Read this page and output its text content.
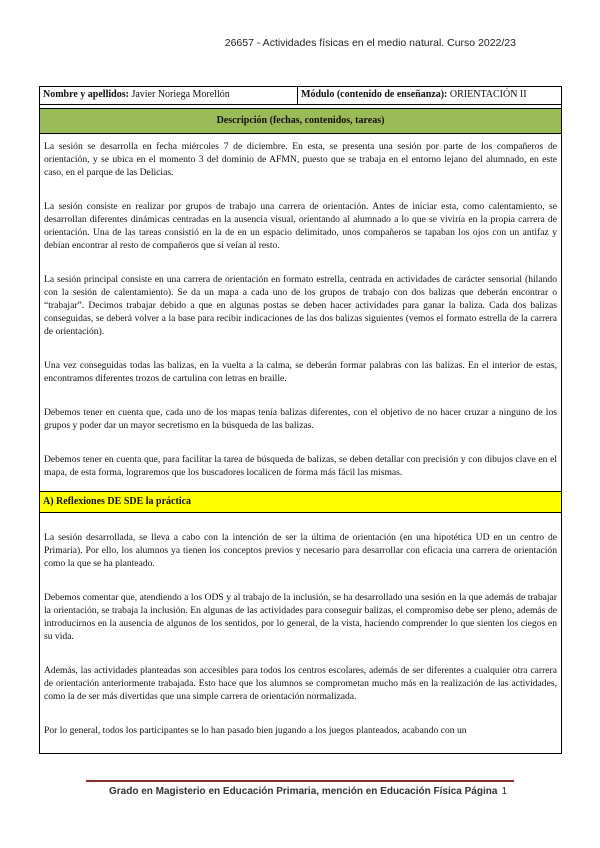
26657 - Actividades físicas en el medio natural. Curso 2022/23
Nombre y apellidos: Javier Noriega Morellón	Módulo (contenido de enseñanza): ORIENTACIÓN II
Descripción (fechas, contenidos, tareas)

La sesión se desarrolla en fecha miércoles 7 de diciembre. En esta, se presenta una sesión por parte de los compañeros de orientación, y se ubica en el momento 3 del dominio de AFMN, puesto que se trabaja en el entorno lejano del alumnado, en este caso, en el parque de las Delicias.

La sesión consiste en realizar por grupos de trabajo una carrera de orientación. Antes de iniciar esta, como calentamiento, se desarrollan diferentes dinámicas centradas en la ausencia visual, orientando al alumnado a lo que se viviría en la propia carrera de orientación. Una de las tareas consistió en la de en un espacio delimitado, unos compañeros se tapaban los ojos con un antifaz y debían encontrar al resto de compañeros que sí veían al resto.

La sesión principal consiste en una carrera de orientación en formato estrella, centrada en actividades de carácter sensorial (hilando con la sesión de calentamiento). Se da un mapa a cada uno de los grupos de trabajo con dos balizas que deberán encontrar o “trabajar”. Decimos trabajar debido a que en algunas postas se deben hacer actividades para ganar la baliza. Cada dos balizas conseguidas, se deberá volver a la base para recibir indicaciones de las dos balizas siguientes (vemos el formato estrella de la carrera de orientación).

Una vez conseguidas todas las balizas, en la vuelta a la calma, se deberán formar palabras con las balizas. En el interior de estas, encontramos diferentes trozos de cartulina con letras en braille.

Debemos tener en cuenta que, cada uno de los mapas tenía balizas diferentes, con el objetivo de no hacer cruzar a ninguno de los grupos y poder dar un mayor secretismo en la búsqueda de las balizas.

Debemos tener en cuenta que, para facilitar la tarea de búsqueda de balizas, se deben detallar con precisión y con dibujos clave en el mapa, de esta forma, lograremos que los buscadores localicen de forma más fácil las mismas.

A) Reflexiones DE SDE la práctica

La sesión desarrollada, se lleva a cabo con la intención de ser la última de orientación (en una hipotética UD en un centro de Primaria). Por ello, los alumnos ya tienen los conceptos previos y necesario para desarrollar con eficacia una carrera de orientación como la que se ha planteado.

Debemos comentar que, atendiendo a los ODS y al trabajo de la inclusión, se ha desarrollado una sesión en la que además de trabajar la orientación, se trabaja la inclusión. En algunas de las actividades para conseguir balizas, el compromiso debe ser pleno, además de introducirnos en la ausencia de algunos de los sentidos, por lo general, de la vista, haciendo comprender lo que sienten los ciegos en su vida.

Además, las actividades planteadas son accesibles para todos los centros escolares, además de ser diferentes a cualquier otra carrera de orientación anteriormente trabajada. Esto hace que los alumnos se comprometan mucho más en la realización de las actividades, como la de ser más divertidas que una simple carrera de orientación normalizada.

Por lo general, todos los participantes se lo han pasado bien jugando a los juegos planteados, acabando con un

Grado en Magisterio en Educación Primaria, mención en Educación Física Página 1
